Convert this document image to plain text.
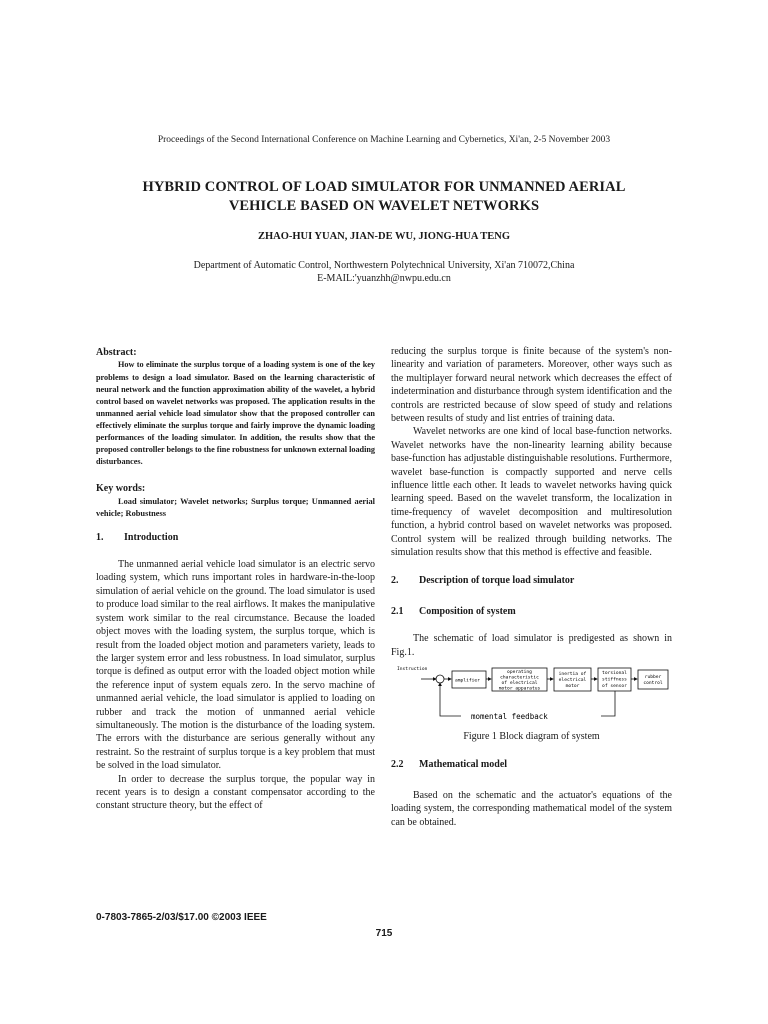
Proceedings of the Second International Conference on Machine Learning and Cybernetics, Xi'an, 2-5 November 2003
HYBRID CONTROL OF LOAD SIMULATOR FOR UNMANNED AERIAL
VEHICLE BASED ON WAVELET NETWORKS
ZHAO-HUI YUAN, JIAN-DE WU, JIONG-HUA TENG
Department of Automatic Control, Northwestern Polytechnical University, Xi'an 710072,China
E-MAIL:'yuanzhh@nwpu.edu.cn

Abstract:

How to eliminate the surplus torque of a loading system is one of the key problems to design a load simulator. Based on the learning characteristic of neural network and the function approximation ability of the wavelet, a hybrid control based on wavelet networks was proposed. The application results in the unmanned aerial vehicle load simulator show that the proposed controller can effectively eliminate the surplus torque and fairly improve the dynamic loading performances of the loading simulator. In addition, the results show that the proposed controller belongs to the fine robustness for unknown external loading disturbances.

Key words:

Load simulator; Wavelet networks; Surplus torque; Unmanned aerial vehicle; Robustness

1. Introduction

The unmanned aerial vehicle load simulator is an electric servo loading system, which runs important roles in hardware-in-the-loop simulation of aerial vehicle on the ground. The load simulator is used to produce load similar to the real airflows. It makes the manipulative system work similar to the real circumstance. Because the loaded object moves with the loading system, the surplus torque, which is result from the loaded object motion and parameters variety, leads to the larger system error and less robustness. In load simulator, surplus torque is defined as output error with the loaded object motion while the reference input of system equals zero. In the servo machine of unmanned aerial vehicle, the load simulator is applied to loading on rubber and track the motion of unmanned aerial vehicle simultaneously. The motion is the disturbance of the loading system. The errors with the disturbance are serious generally without any restraint. So the restraint of surplus torque is a key problem that must be solved in the load simulator.

In order to decrease the surplus torque, the popular way in recent years is to design a constant compensator according to the constant structure theory, but the effect of

reducing the surplus torque is finite because of the system's non-linearity and variation of parameters. Moreover, other ways such as the multiplayer forward neural network which decreases the effect of indetermination and disturbance through system identification and the controls are restricted because of slow speed of study and relations between results of study and list entries of training data.

Wavelet networks are one kind of local base-function networks. Wavelet networks have the non-linearity learning ability because base-function has adjustable distinguishable resolutions. Furthermore, wavelet base-function is compactly supported and nerve cells influence little each other. It leads to wavelet networks having quick learning speed. Based on the wavelet transform, the localization in time-frequency of wavelet decomposition and multiresolution function, a hybrid control based on wavelet networks was proposed. Control system will be realized through building networks. The simulation results show that this method is effective and feasible.

2. Description of torque load simulator

2.1 Composition of system

The schematic of load simulator is predigested as shown in Fig.1.

Instruction
amplifier
operating
characteristic
of electrical
motor apparatus
inertia of
electrical
motor
torsional
stiffness
of sensor
rubber
control
momental feedback

Figure 1 Block diagram of system

2.2 Mathematical model

Based on the schematic and the actuator's equations of the loading system, the corresponding mathematical model of the system can be obtained.

0-7803-7865-2/03/$17.00 ©2003 IEEE
715
